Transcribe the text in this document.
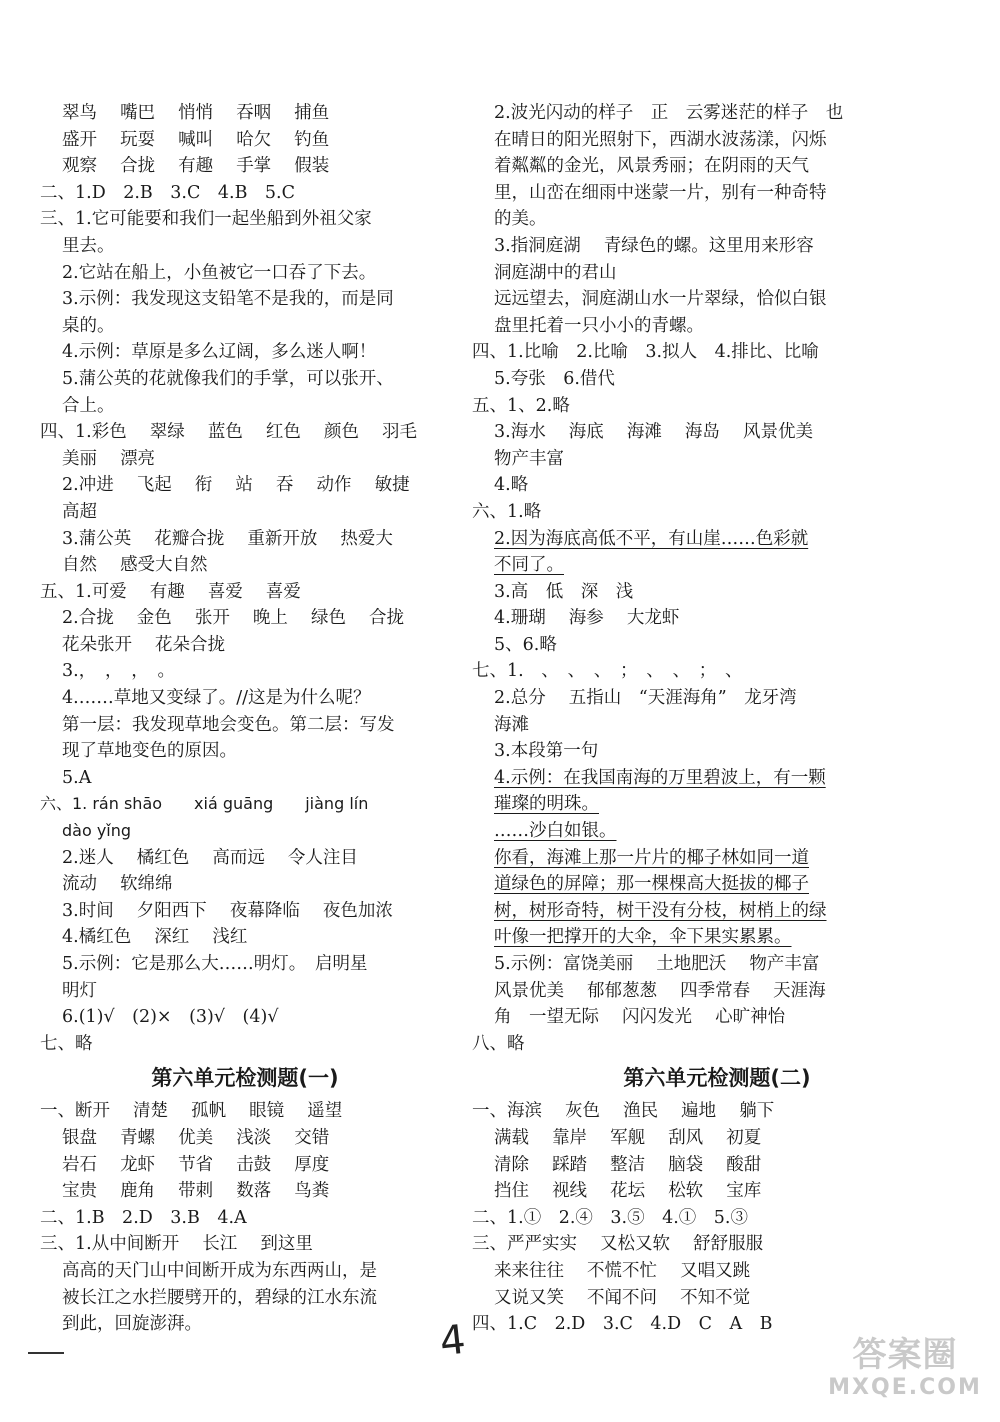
翠鸟　 嘴巴　 悄悄　 吞咽　 捕鱼
盛开　 玩耍　 喊叫　 哈欠　 钓鱼
观察　 合拢　 有趣　 手掌　 假装
二、1.D　2.B　3.C　4.B　5.C
三、1.它可能要和我们一起坐船到外祖父家
里去。
2.它站在船上，小鱼被它一口吞了下去。
3.示例：我发现这支铅笔不是我的，而是同
桌的。
4.示例：草原是多么辽阔，多么迷人啊！
5.蒲公英的花就像我们的手掌，可以张开、
合上。
四、1.彩色　 翠绿　 蓝色　 红色　 颜色　 羽毛
美丽　 漂亮
2.冲进　 飞起　 衔　 站　 吞　 动作　 敏捷
高超
3.蒲公英　 花瓣合拢　 重新开放　 热爱大
自然　 感受大自然
五、1.可爱　 有趣　 喜爱　 喜爱
2.合拢　 金色　 张开　 晚上　 绿色　 合拢
花朵张开　 花朵合拢
3.，　，　，　。
4.……草地又变绿了。//这是为什么呢？
第一层：我发现草地会变色。第二层：写发
现了草地变色的原因。
5.A
六、1. rán shāo　　xiá guāng　　jiàng lín
dào yǐng
2.迷人　 橘红色　 高而远　 令人注目
流动　 软绵绵
3.时间　 夕阳西下　 夜幕降临　 夜色加浓
4.橘红色　 深红　 浅红
5.示例：它是那么大……明灯。　启明星
明灯
6.(1)√　(2)×　(3)√　(4)√
七、略
第六单元检测题(一)
一、断开　 清楚　 孤帆　 眼镜　 遥望
银盘　 青螺　 优美　 浅淡　 交错
岩石　 龙虾　 节省　 击鼓　 厚度
宝贵　 鹿角　 带刺　 数落　 鸟粪
二、1.B　2.D　3.B　4.A
三、1.从中间断开　 长江　 到这里
高高的天门山中间断开成为东西两山，是
被长江之水拦腰劈开的，碧绿的江水东流
到此，回旋澎湃。
2.波光闪动的样子　正　云雾迷茫的样子　也
在晴日的阳光照射下，西湖水波荡漾，闪烁
着粼粼的金光，风景秀丽；在阴雨的天气
里，山峦在细雨中迷蒙一片，别有一种奇特
的美。
3.指洞庭湖　 青绿色的螺。这里用来形容
洞庭湖中的君山
远远望去，洞庭湖山水一片翠绿，恰似白银
盘里托着一只小小的青螺。
四、1.比喻　2.比喻　3.拟人　4.排比、比喻
5.夸张　6.借代
五、1、2.略
3.海水　 海底　 海滩　 海岛　 风景优美
物产丰富
4.略
六、1.略
2.因为海底高低不平，有山崖……色彩就
不同了。
3.高　低　深　浅
4.珊瑚　 海参　 大龙虾
5、6.略
七、1.　、　、　、　；　、　、　；　、
2.总分　 五指山　“天涯海角”　龙牙湾
海滩
3.本段第一句
4.示例：在我国南海的万里碧波上，有一颗
璀璨的明珠。
……沙白如银。
你看，海滩上那一片片的椰子林如同一道
道绿色的屏障；那一棵棵高大挺拔的椰子
树，树形奇特，树干没有分枝，树梢上的绿
叶像一把撑开的大伞，伞下果实累累。
5.示例：富饶美丽　 土地肥沃　 物产丰富
风景优美　 郁郁葱葱　 四季常春　 天涯海
角　一望无际　 闪闪发光　 心旷神怡
八、略
第六单元检测题(二)
一、海滨　 灰色　 渔民　 遍地　 躺下
满载　 靠岸　 军舰　 刮风　 初夏
清除　 踩踏　 整洁　 脑袋　 酸甜
挡住　 视线　 花坛　 松软　 宝库
二、1.①　2.④　3.⑤　4.①　5.③
三、严严实实　 又松又软　 舒舒服服
来来往往　 不慌不忙　 又唱又跳
又说又笑　 不闻不问　 不知不觉
四、1.C　2.D　3.C　4.D　C　A　B
4	答案圈
MXQE.COM
